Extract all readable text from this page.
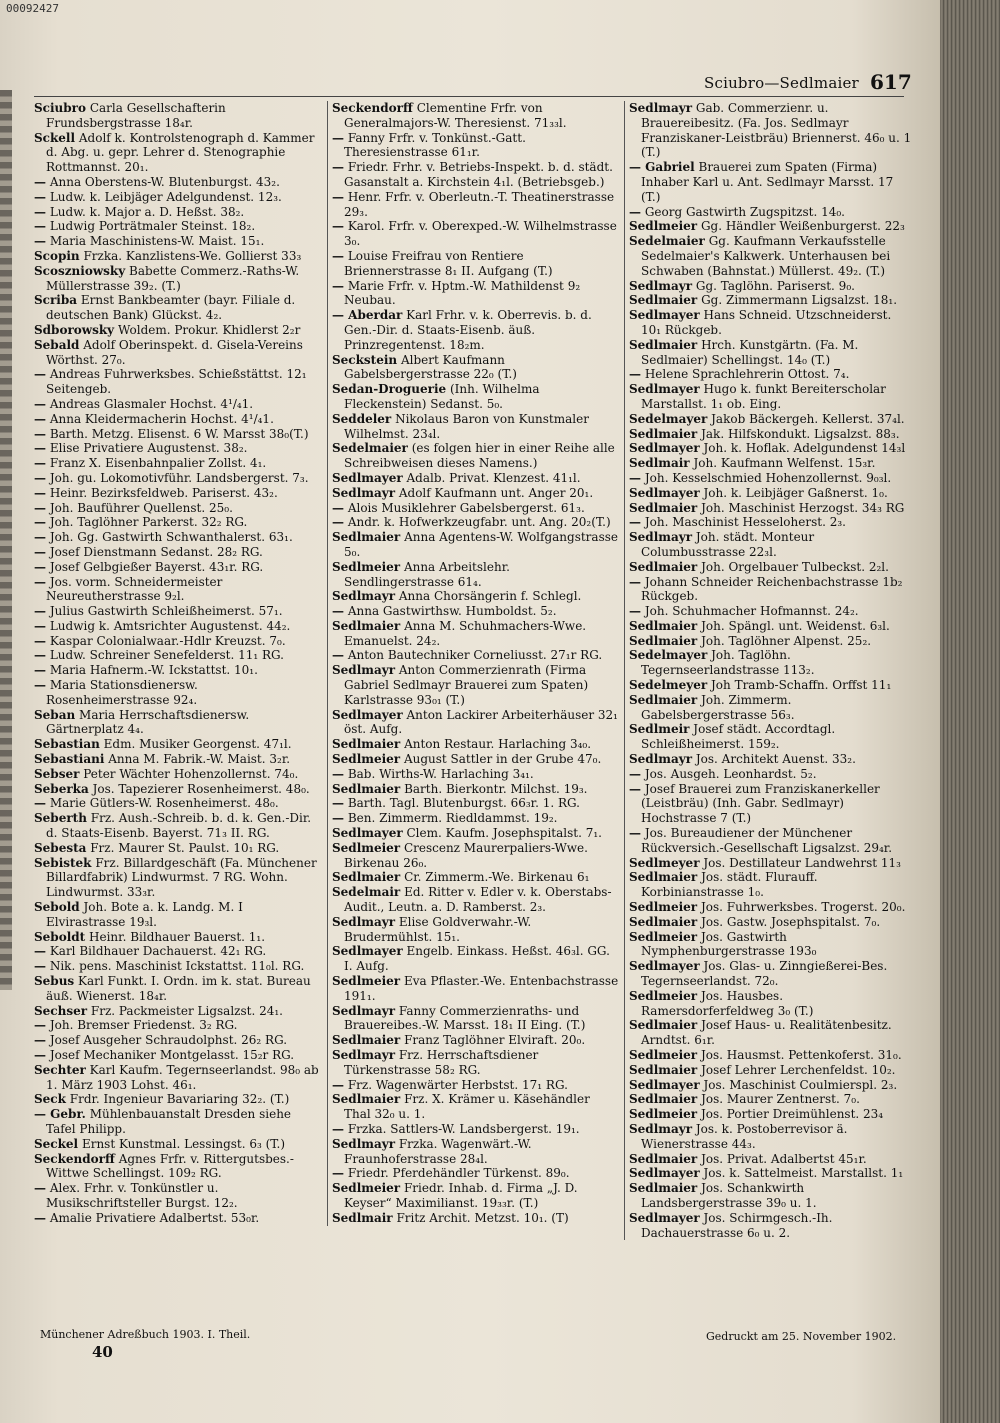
00092427
Sciubro—Sedlmaier 617

Sciubro Carla Gesellschafterin Frundsbergstrasse 18₄r.

Sckell Adolf k. Kontrolstenograph d. Kammer d. Abg. u. gepr. Lehrer d. Stenographie Rottmannst. 20₁.

— Anna Oberstens-W. Blutenburgst. 43₂.

— Ludw. k. Leibjäger Adelgundenst. 12₃.

— Ludw. k. Major a. D. Heßst. 38₂.

— Ludwig Porträtmaler Steinst. 18₂.

— Maria Maschinistens-W. Maist. 15₁.

Scopin Frzka. Kanzlistens-We. Gollierst 33₃

Scoszniowsky Babette Commerz.-Raths-W. Müllerstrasse 39₂. (T.)

Scriba Ernst Bankbeamter (bayr. Filiale d. deutschen Bank) Glückst. 4₂.

Sdborowsky Woldem. Prokur. Khidlerst 2₂r

Sebald Adolf Oberinspekt. d. Gisela-Vereins Wörthst. 27₀.

— Andreas Fuhrwerksbes. Schießstättst. 12₁ Seitengeb.

— Andreas Glasmaler Hochst. 4¹/₄1.

— Anna Kleidermacherin Hochst. 4¹/₄1.

— Barth. Metzg. Elisenst. 6 W. Marsst 38₀(T.)

— Elise Privatiere Augustenst. 38₂.

— Franz X. Eisenbahnpalier Zollst. 4₁.

— Joh. gu. Lokomotivführ. Landsbergerst. 7₃.

— Heinr. Bezirksfeldweb. Pariserst. 43₂.

— Joh. Bauführer Quellenst. 25₀.

— Joh. Taglöhner Parkerst. 32₂ RG.

— Joh. Gg. Gastwirth Schwanthalerst. 63₁.

— Josef Dienstmann Sedanst. 28₂ RG.

— Josef Gelbgießer Bayerst. 43₁r. RG.

— Jos. vorm. Schneidermeister Neureutherstrasse 9₂l.

— Julius Gastwirth Schleißheimerst. 57₁.

— Ludwig k. Amtsrichter Augustenst. 44₂.

— Kaspar Colonialwaar.-Hdlr Kreuzst. 7₀.

— Ludw. Schreiner Senefelderst. 11₁ RG.

— Maria Hafnerm.-W. Ickstattst. 10₁.

— Maria Stationsdienersw. Rosenheimerstrasse 92₄.

Seban Maria Herrschaftsdienersw. Gärtnerplatz 4₄.

Sebastian Edm. Musiker Georgenst. 47₁l.

Sebastiani Anna M. Fabrik.-W. Maist. 3₂r.

Sebser Peter Wächter Hohenzollernst. 74₀.

Seberka Jos. Tapezierer Rosenheimerst. 48₀.

— Marie Gütlers-W. Rosenheimerst. 48₀.

Seberth Frz. Aush.-Schreib. b. d. k. Gen.-Dir. d. Staats-Eisenb. Bayerst. 71₃ II. RG.

Sebesta Frz. Maurer St. Paulst. 10₁ RG.

Sebistek Frz. Billardgeschäft (Fa. Münchener Billardfabrik) Lindwurmst. 7 RG. Wohn. Lindwurmst. 33₃r.

Sebold Joh. Bote a. k. Landg. M. I Elvirastrasse 19₃l.

Seboldt Heinr. Bildhauer Bauerst. 1₁.

— Karl Bildhauer Dachauerst. 42₁ RG.

— Nik. pens. Maschinist Ickstattst. 11₀l. RG.

Sebus Karl Funkt. I. Ordn. im k. stat. Bureau äuß. Wienerst. 18₄r.

Sechser Frz. Packmeister Ligsalzst. 24₁.

— Joh. Bremser Friedenst. 3₂ RG.

— Josef Ausgeher Schraudolphst. 26₂ RG.

— Josef Mechaniker Montgelasst. 15₂r RG.

Sechter Karl Kaufm. Tegernseerlandst. 98₀ ab 1. März 1903 Lohst. 46₁.

Seck Frdr. Ingenieur Bavariaring 32₂. (T.)

— Gebr. Mühlenbauanstalt Dresden siehe Tafel Philipp.

Seckel Ernst Kunstmal. Lessingst. 6₃ (T.)

Seckendorff Agnes Frfr. v. Rittergutsbes.-Wittwe Schellingst. 109₂ RG.

— Alex. Frhr. v. Tonkünstler u. Musikschriftsteller Burgst. 12₂.

— Amalie Privatiere Adalbertst. 53₀r.

Seckendorff Clementine Frfr. von Generalmajors-W. Theresienst. 71₃₃l.

— Fanny Frfr. v. Tonkünst.-Gatt. Theresienstrasse 61₁r.

— Friedr. Frhr. v. Betriebs-Inspekt. b. d. städt. Gasanstalt a. Kirchstein 4₁l. (Betriebsgeb.)

— Henr. Frfr. v. Oberleutn.-T. Theatinerstrasse 29₃.

— Karol. Frfr. v. Oberexped.-W. Wilhelmstrasse 3₀.

— Louise Freifrau von Rentiere Briennerstrasse 8₁ II. Aufgang (T.)

— Marie Frfr. v. Hptm.-W. Mathildenst 9₂ Neubau.

— Aberdar Karl Frhr. v. k. Oberrevis. b. d. Gen.-Dir. d. Staats-Eisenb. äuß. Prinzregentenst. 18₂m.

Seckstein Albert Kaufmann Gabelsbergerstrasse 22₀ (T.)

Sedan-Droguerie (Inh. Wilhelma Fleckenstein) Sedanst. 5₀.

Seddeler Nikolaus Baron von Kunstmaler Wilhelmst. 23₄l.

Sedelmaier (es folgen hier in einer Reihe alle Schreibweisen dieses Namens.)

Sedlmayer Adalb. Privat. Klenzest. 41₁l.

Sedlmayr Adolf Kaufmann unt. Anger 20₁.

— Alois Musiklehrer Gabelsbergerst. 61₃.

— Andr. k. Hofwerkzeugfabr. unt. Ang. 20₂(T.)

Sedlmaier Anna Agentens-W. Wolfgangstrasse 5₀.

Sedlmeier Anna Arbeitslehr. Sendlingerstrasse 61₄.

Sedlmayr Anna Chorsängerin f. Schlegl.

— Anna Gastwirthsw. Humboldst. 5₂.

Sedlmaier Anna M. Schuhmachers-Wwe. Emanuelst. 24₂.

— Anton Bautechniker Corneliusst. 27₁r RG.

Sedlmayr Anton Commerzienrath (Firma Gabriel Sedlmayr Brauerei zum Spaten) Karlstrasse 93₀₁ (T.)

Sedlmayer Anton Lackirer Arbeiterhäuser 32₁ öst. Aufg.

Sedlmaier Anton Restaur. Harlaching 3₄₀.

Sedlmeier August Sattler in der Grube 47₀.

— Bab. Wirths-W. Harlaching 3₄₁.

Sedlmaier Barth. Bierkontr. Milchst. 19₃.

— Barth. Tagl. Blutenburgst. 66₃r. 1. RG.

— Ben. Zimmerm. Riedldammst. 19₂.

Sedlmayer Clem. Kaufm. Josephspitalst. 7₁.

Sedlmeier Crescenz Maurerpaliers-Wwe. Birkenau 26₀.

Sedlmaier Cr. Zimmerm.-We. Birkenau 6₁

Sedelmair Ed. Ritter v. Edler v. k. Oberstabs-Audit., Leutn. a. D. Ramberst. 2₃.

Sedlmayr Elise Goldverwahr.-W. Brudermühlst. 15₁.

Sedlmayer Engelb. Einkass. Heßst. 46₃l. GG. I. Aufg.

Sedlmeier Eva Pflaster.-We. Entenbachstrasse 191₁.

Sedlmayr Fanny Commerzienraths- und Brauereibes.-W. Marsst. 18₁ II Eing. (T.)

Sedlmaier Franz Taglöhner Elviraft. 20₀.

Sedlmayr Frz. Herrschaftsdiener Türkenstrasse 58₂ RG.

— Frz. Wagenwärter Herbstst. 17₁ RG.

Sedlmaier Frz. X. Krämer u. Käsehändler Thal 32₀ u. 1.

— Frzka. Sattlers-W. Landsbergerst. 19₁.

Sedlmayr Frzka. Wagenwärt.-W. Fraunhoferstrasse 28₄l.

— Friedr. Pferdehändler Türkenst. 89₀.

Sedlmeier Friedr. Inhab. d. Firma „J. D. Keyser“ Maximilianst. 19₃₃r. (T.)

Sedlmair Fritz Archit. Metzst. 10₁. (T)

Sedlmayr Gab. Commerzienr. u. Brauereibesitz. (Fa. Jos. Sedlmayr Franziskaner-Leistbräu) Briennerst. 46₀ u. 1 (T.)

— Gabriel Brauerei zum Spaten (Firma) Inhaber Karl u. Ant. Sedlmayr Marsst. 17 (T.)

— Georg Gastwirth Zugspitzst. 14₀.

Sedlmeier Gg. Händler Weißenburgerst. 22₃

Sedelmaier Gg. Kaufmann Verkaufsstelle Sedelmaier's Kalkwerk. Unterhausen bei Schwaben (Bahnstat.) Müllerst. 49₂. (T.)

Sedlmayr Gg. Taglöhn. Pariserst. 9₀.

Sedlmaier Gg. Zimmermann Ligsalzst. 18₁.

Sedlmayer Hans Schneid. Utzschneiderst. 10₁ Rückgeb.

Sedlmaier Hrch. Kunstgärtn. (Fa. M. Sedlmaier) Schellingst. 14₀ (T.)

— Helene Sprachlehrerin Ottost. 7₄.

Sedlmayer Hugo k. funkt Bereiterscholar Marstallst. 1₁ ob. Eing.

Sedelmayer Jakob Bäckergeh. Kellerst. 37₄l.

Sedlmaier Jak. Hilfskondukt. Ligsalzst. 88₃.

Sedlmayer Joh. k. Hoflak. Adelgundenst 14₃l

Sedlmair Joh. Kaufmann Welfenst. 15₃r.

— Joh. Kesselschmied Hohenzollernst. 9₀₃l.

Sedlmayer Joh. k. Leibjäger Gaßnerst. 1₀.

Sedlmaier Joh. Maschinist Herzogst. 34₃ RG

— Joh. Maschinist Hesseloherst. 2₃.

Sedlmayr Joh. städt. Monteur Columbusstrasse 22₃l.

Sedlmaier Joh. Orgelbauer Tulbeckst. 2₂l.

— Johann Schneider Reichenbachstrasse 1b₂ Rückgeb.

— Joh. Schuhmacher Hofmannst. 24₂.

Sedlmaier Joh. Spängl. unt. Weidenst. 6₃l.

Sedlmaier Joh. Taglöhner Alpenst. 25₂.

Sedelmayer Joh. Taglöhn. Tegernseerlandstrasse 113₂.

Sedelmeyer Joh Tramb-Schaffn. Orffst 11₁

Sedlmaier Joh. Zimmerm. Gabelsbergerstrasse 56₃.

Sedlmeir Josef städt. Accordtagl. Schleißheimerst. 159₂.

Sedlmayr Jos. Architekt Auenst. 33₂.

— Jos. Ausgeh. Leonhardst. 5₂.

— Josef Brauerei zum Franziskanerkeller (Leistbräu) (Inh. Gabr. Sedlmayr) Hochstrasse 7 (T.)

— Jos. Bureaudiener der Münchener Rückversich.-Gesellschaft Ligsalzst. 29₄r.

Sedlmeyer Jos. Destillateur Landwehrst 11₃

Sedlmaier Jos. städt. Flurauff. Korbinianstrasse 1₀.

Sedlmeier Jos. Fuhrwerksbes. Trogerst. 20₀.

Sedlmaier Jos. Gastw. Josephspitalst. 7₀.

Sedlmeier Jos. Gastwirth Nymphenburgerstrasse 193₀

Sedlmayer Jos. Glas- u. Zinngießerei-Bes. Tegernseerlandst. 72₀.

Sedlmeier Jos. Hausbes. Ramersdorferfeldweg 3₀ (T.)

Sedlmaier Josef Haus- u. Realitätenbesitz. Arndtst. 6₁r.

Sedlmeier Jos. Hausmst. Pettenkoferst. 31₀.

Sedlmaier Josef Lehrer Lerchenfeldst. 10₂.

Sedlmayer Jos. Maschinist Coulmierspl. 2₃.

Sedlmaier Jos. Maurer Zentnerst. 7₀.

Sedlmeier Jos. Portier Dreimühlenst. 23₄

Sedlmayr Jos. k. Postoberrevisor ä. Wienerstrasse 44₃.

Sedlmaier Jos. Privat. Adalbertst 45₁r.

Sedlmayer Jos. k. Sattelmeist. Marstallst. 1₁

Sedlmaier Jos. Schankwirth Landsbergerstrasse 39₀ u. 1.

Sedlmayer Jos. Schirmgesch.-Ih. Dachauerstrasse 6₀ u. 2.

Münchener Adreßbuch 1903. I. Theil.
40
Gedruckt am 25. November 1902.
